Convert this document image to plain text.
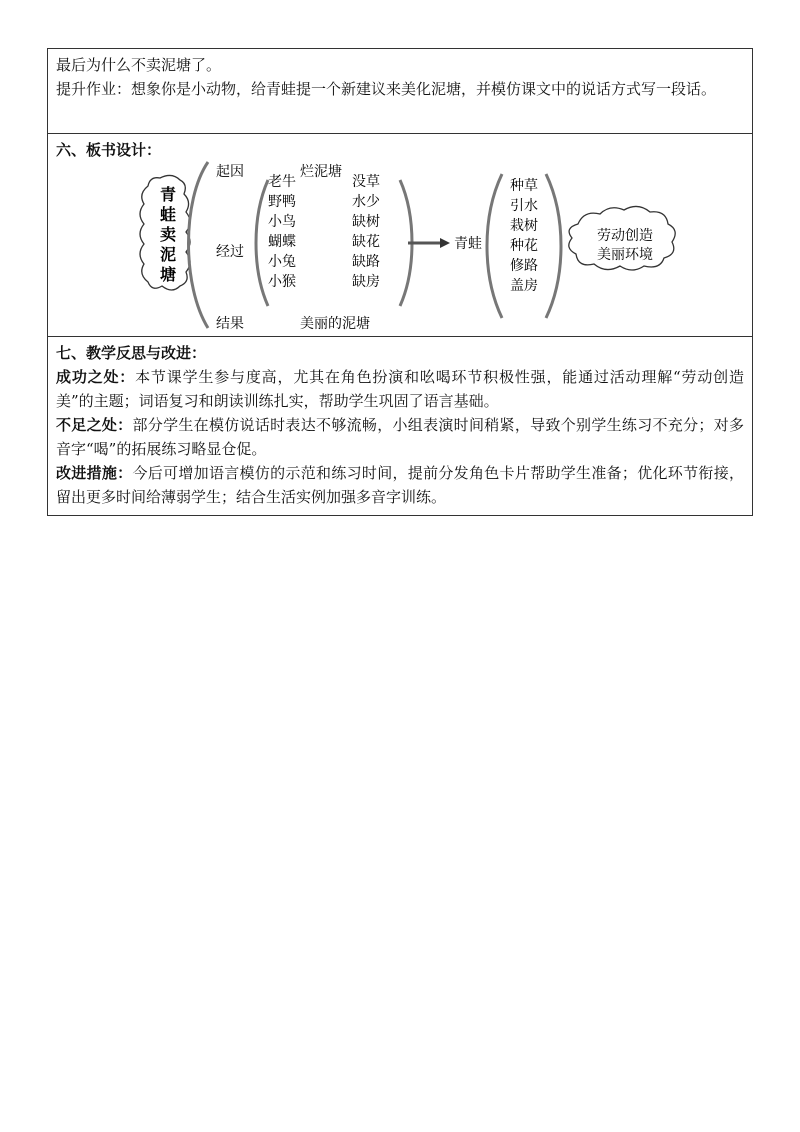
最后为什么不卖泥塘了。
提升作业：想象你是小动物，给青蛙提一个新建议来美化泥塘，并模仿课文中的说话方式写一段话。
六、板书设计：
青
蛙
卖
泥
塘
起因	烂泥塘
经过
老牛	没草
野鸭	水少
小鸟	缺树
蝴蝶	缺花
小兔	缺路
小猴	缺房
青蛙
种草
引水
栽树
种花
修路
盖房
劳动创造
美丽环境
结果	美丽的泥塘
七、教学反思与改进：
成功之处：本节课学生参与度高，尤其在角色扮演和吆喝环节积极性强，能通过活动理解“劳动创造美”的主题；词语复习和朗读训练扎实，帮助学生巩固了语言基础。
不足之处：部分学生在模仿说话时表达不够流畅，小组表演时间稍紧，导致个别学生练习不充分；对多音字“喝”的拓展练习略显仓促。
改进措施：今后可增加语言模仿的示范和练习时间，提前分发角色卡片帮助学生准备；优化环节衔接，留出更多时间给薄弱学生；结合生活实例加强多音字训练。
